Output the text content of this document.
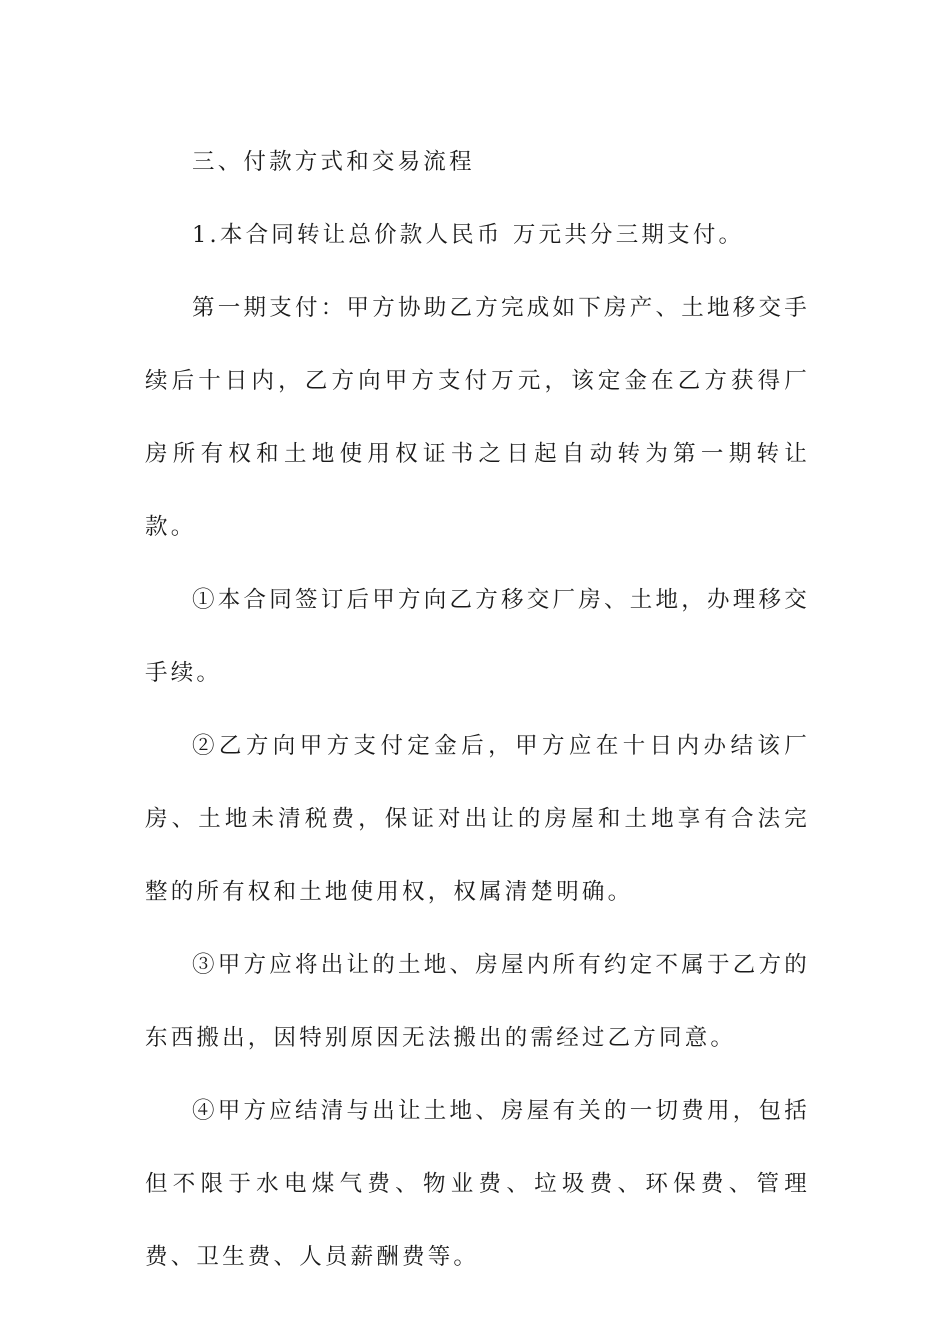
三、付款方式和交易流程

1.本合同转让总价款人民币 万元共分三期支付。

第一期支付：甲方协助乙方完成如下房产、土地移交手续后十日内，乙方向甲方支付万元，该定金在乙方获得厂房所有权和土地使用权证书之日起自动转为第一期转让款。

①本合同签订后甲方向乙方移交厂房、土地，办理移交手续。

②乙方向甲方支付定金后，甲方应在十日内办结该厂房、土地未清税费，保证对出让的房屋和土地享有合法完整的所有权和土地使用权，权属清楚明确。

③甲方应将出让的土地、房屋内所有约定不属于乙方的东西搬出，因特别原因无法搬出的需经过乙方同意。

④甲方应结清与出让土地、房屋有关的一切费用，包括但不限于水电煤气费、物业费、垃圾费、环保费、管理费、卫生费、人员薪酬费等。
